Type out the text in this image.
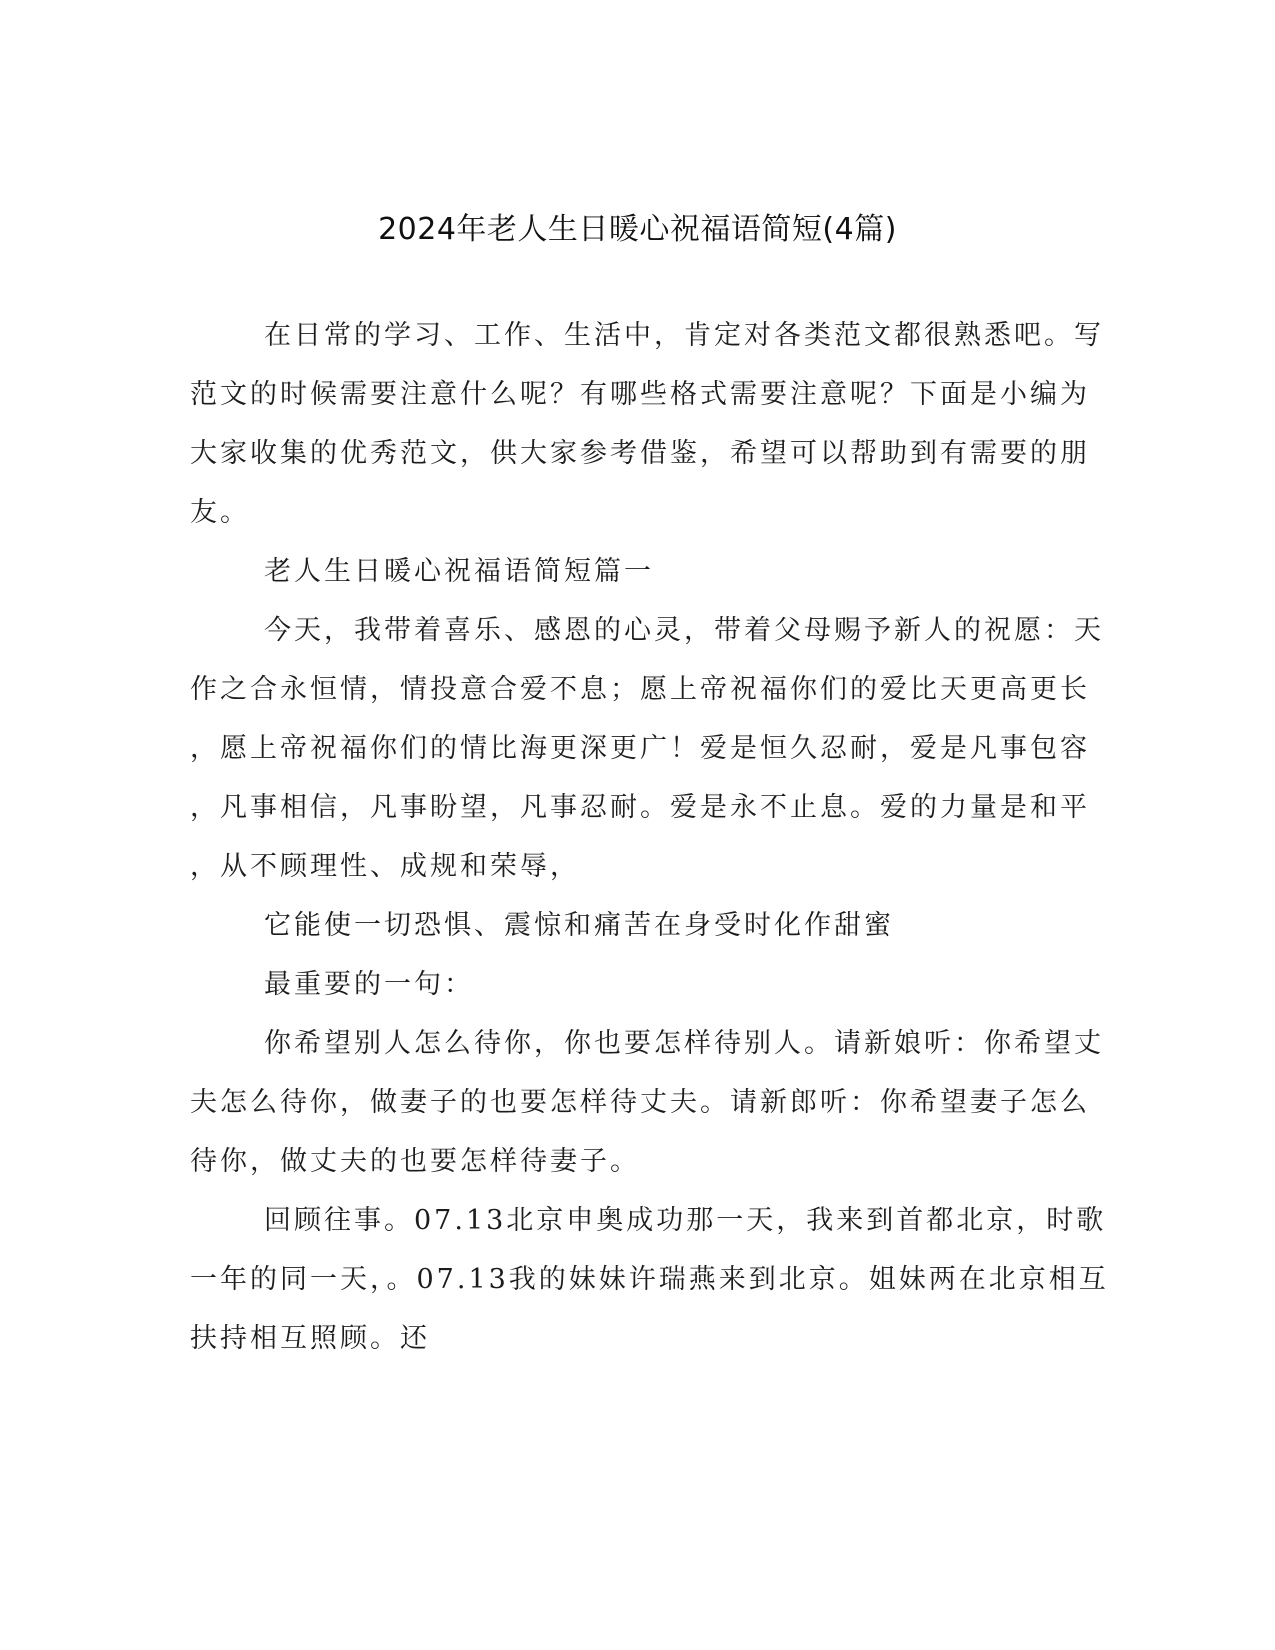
2024年老人生日暖心祝福语简短(4篇)
在日常的学习、工作、生活中，肯定对各类范文都很熟悉吧。写
范文的时候需要注意什么呢？有哪些格式需要注意呢？下面是小编为
大家收集的优秀范文，供大家参考借鉴，希望可以帮助到有需要的朋
友。
老人生日暖心祝福语简短篇一
今天，我带着喜乐、感恩的心灵，带着父母赐予新人的祝愿：天
作之合永恒情，情投意合爱不息；愿上帝祝福你们的爱比天更高更长
，愿上帝祝福你们的情比海更深更广！爱是恒久忍耐，爱是凡事包容
，凡事相信，凡事盼望，凡事忍耐。爱是永不止息。爱的力量是和平
，从不顾理性、成规和荣辱，
它能使一切恐惧、震惊和痛苦在身受时化作甜蜜
最重要的一句：
你希望别人怎么待你，你也要怎样待别人。请新娘听：你希望丈
夫怎么待你，做妻子的也要怎样待丈夫。请新郎听：你希望妻子怎么
待你，做丈夫的也要怎样待妻子。
回顾往事。07.13北京申奥成功那一天，我来到首都北京，时歌
一年的同一天，。07.13我的妹妹许瑞燕来到北京。姐妹两在北京相互
扶持相互照顾。还
